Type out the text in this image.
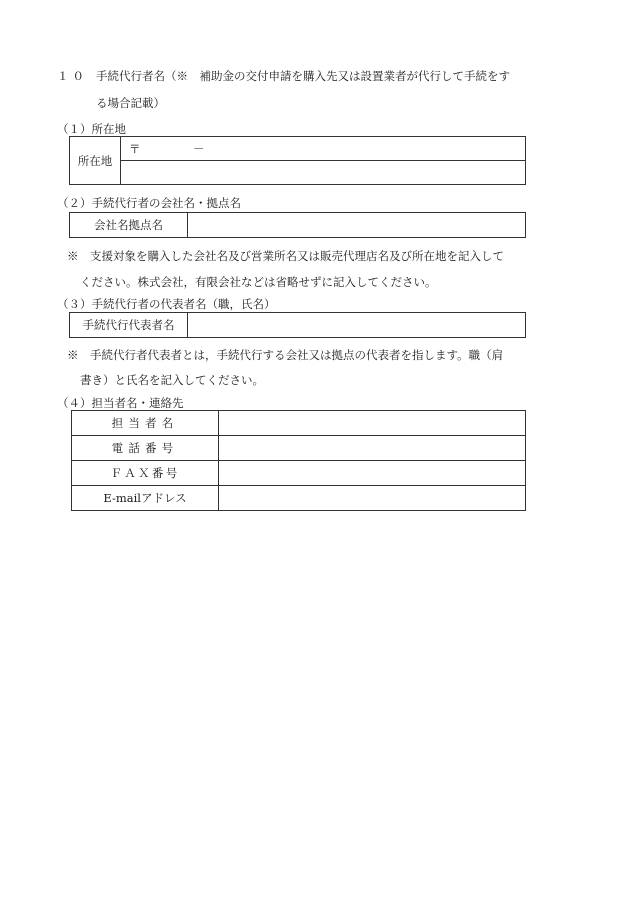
１０ 手続代行者名（※　補助金の交付申請を購入先又は設置業者が代行して手続をす
る場合記載）
（１）所在地
所在地	
〒	－

（２）手続代行者の会社名・拠点名
会社名拠点名	
※　支援対象を購入した会社名及び営業所名又は販売代理店名及び所在地を記入して
ください。株式会社，有限会社などは省略せずに記入してください。
（３）手続代行者の代表者名（職，氏名）
手続代行代表者名	
※　手続代行者代表者とは，手続代行する会社又は拠点の代表者を指します。職（肩
書き）と氏名を記入してください。
（４）担当者名・連絡先
担当者名	
電話番号	
ＦＡＸ番号	
E-mailアドレス	
